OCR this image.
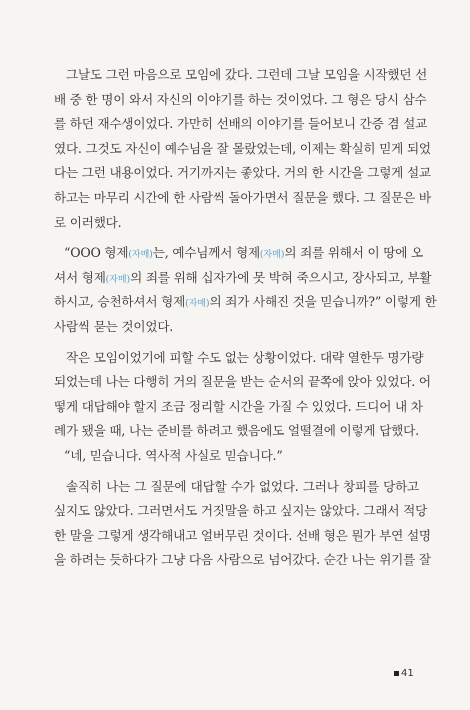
그날도 그런 마음으로 모임에 갔다. 그런데 그날 모임을 시작했던 선
배 중 한 명이 와서 자신의 이야기를 하는 것이었다. 그 형은 당시 삼수
를 하던 재수생이었다. 가만히 선배의 이야기를 들어보니 간증 겸 설교
였다. 그것도 자신이 예수님을 잘 몰랐었는데, 이제는 확실히 믿게 되었
다는 그런 내용이었다. 거기까지는 좋았다. 거의 한 시간을 그렇게 설교
하고는 마무리 시간에 한 사람씩 돌아가면서 질문을 했다. 그 질문은 바
로 이러했다.
“OOO 형제(자매)는, 예수님께서 형제(자매)의 죄를 위해서 이 땅에 오
셔서 형제(자매)의 죄를 위해 십자가에 못 박혀 죽으시고, 장사되고, 부활
하시고, 승천하셔서 형제(자매)의 죄가 사해진 것을 믿습니까?” 이렇게 한
사람씩 묻는 것이었다.
작은 모임이었기에 피할 수도 없는 상황이었다. 대략 열한두 명가량
되었는데 나는 다행히 거의 질문을 받는 순서의 끝쪽에 앉아 있었다. 어
떻게 대답해야 할지 조금 정리할 시간을 가질 수 있었다. 드디어 내 차
례가 됐을 때, 나는 준비를 하려고 했음에도 얼떨결에 이렇게 답했다.
“네, 믿습니다. 역사적 사실로 믿습니다.”
솔직히 나는 그 질문에 대답할 수가 없었다. 그러나 창피를 당하고
싶지도 않았다. 그러면서도 거짓말을 하고 싶지는 않았다. 그래서 적당
한 말을 그렇게 생각해내고 얼버무린 것이다. 선배 형은 뭔가 부연 설명
을 하려는 듯하다가 그냥 다음 사람으로 넘어갔다. 순간 나는 위기를 잘
41
